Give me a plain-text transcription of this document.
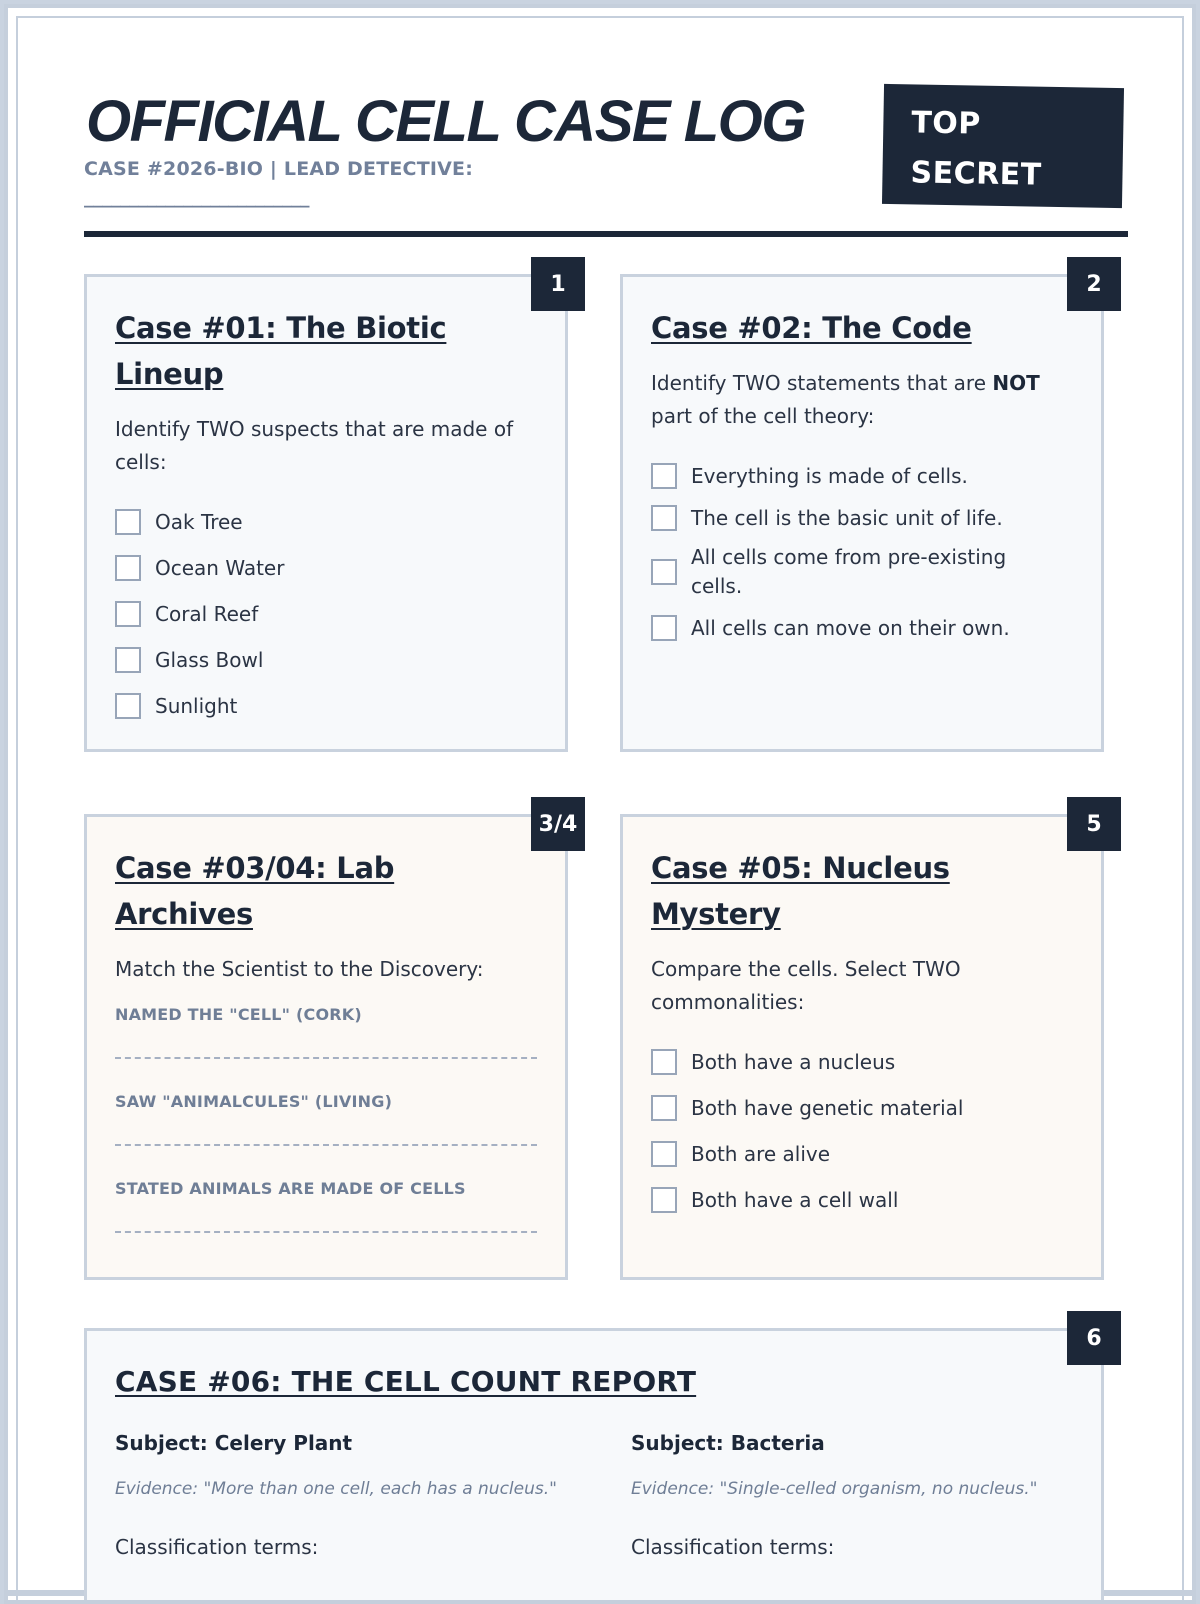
OFFICIAL CELL CASE LOG
CASE #2026-BIO | LEAD DETECTIVE:
_________________________
TOP
SECRET
1
Case #01: The Biotic
Lineup
Identify TWO suspects that are made of
cells:
Oak Tree
Ocean Water
Coral Reef
Glass Bowl
Sunlight
2
Case #02: The Code
Identify TWO statements that are NOT
part of the cell theory:
Everything is made of cells.
The cell is the basic unit of life.
All cells come from pre-existing cells.
All cells can move on their own.
3/4
Case #03/04: Lab
Archives
Match the Scientist to the Discovery:
NAMED THE "CELL" (CORK)
SAW "ANIMALCULES" (LIVING)
STATED ANIMALS ARE MADE OF CELLS
5
Case #05: Nucleus
Mystery
Compare the cells. Select TWO
commonalities:
Both have a nucleus
Both have genetic material
Both are alive
Both have a cell wall
6
CASE #06: THE CELL COUNT REPORT
Subject: Celery Plant
Evidence: "More than one cell, each has a nucleus."
Classification terms:
Subject: Bacteria
Evidence: "Single-celled organism, no nucleus."
Classification terms:
